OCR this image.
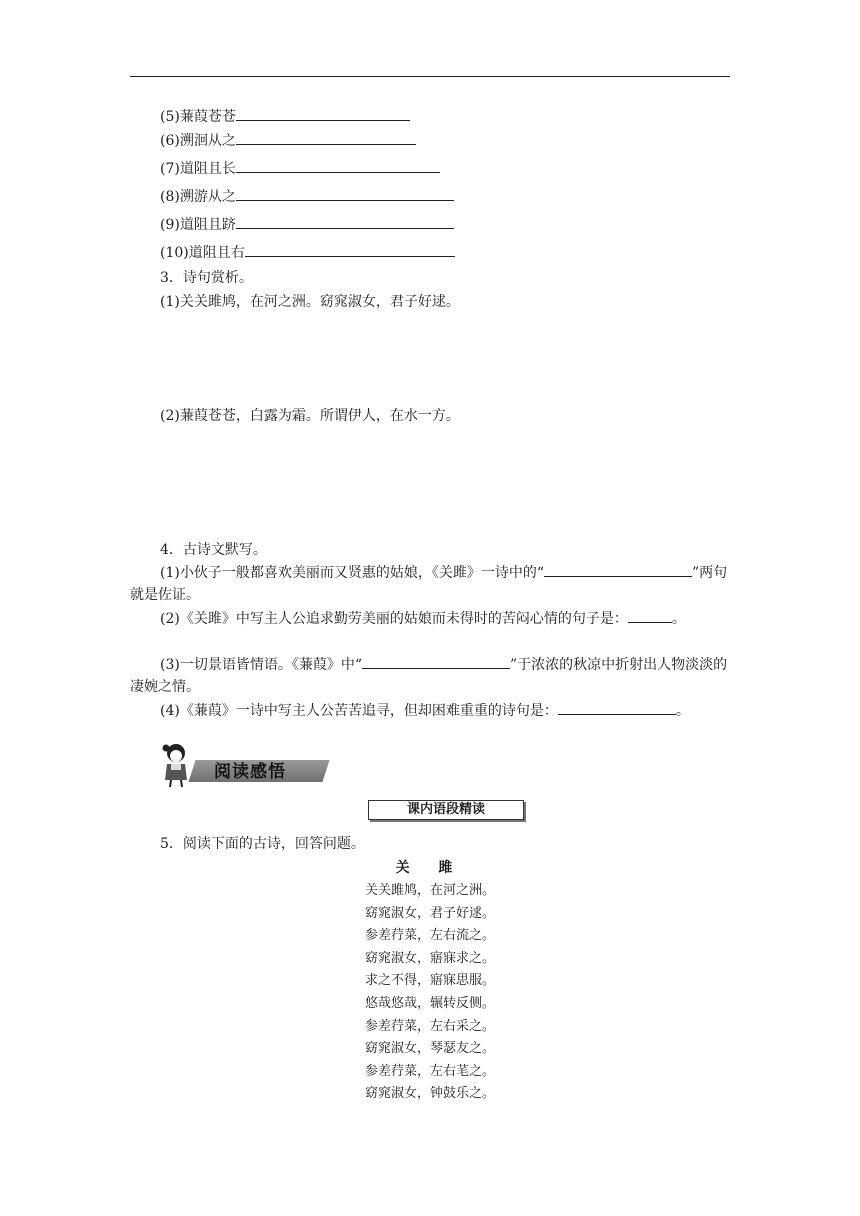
(5)蒹葭苍苍
(6)溯洄从之
(7)道阻且长
(8)溯游从之
(9)道阻且跻
(10)道阻且右
3．诗句赏析。
(1)关关雎鸠，在河之洲。窈窕淑女，君子好逑。
(2)蒹葭苍苍，白露为霜。所谓伊人，在水一方。
4．古诗文默写。
(1)小伙子一般都喜欢美丽而又贤惠的姑娘，《关雎》一诗中的“	”两句就是佐证。
(2)《关雎》中写主人公追求勤劳美丽的姑娘而未得时的苦闷心情的句子是：	。
(3)一切景语皆情语。《蒹葭》中“	”于浓浓的秋凉中折射出人物淡淡的凄婉之情。
(4)《蒹葭》一诗中写主人公苦苦追寻，但却困难重重的诗句是：	。
阅读感悟
课内语段精读
5．阅读下面的古诗，回答问题。
关 雎
关关雎鸠，在河之洲。
窈窕淑女，君子好逑。
参差荇菜，左右流之。
窈窕淑女，寤寐求之。
求之不得，寤寐思服。
悠哉悠哉，辗转反侧。
参差荇菜，左右采之。
窈窕淑女，琴瑟友之。
参差荇菜，左右芼之。
窈窕淑女，钟鼓乐之。
